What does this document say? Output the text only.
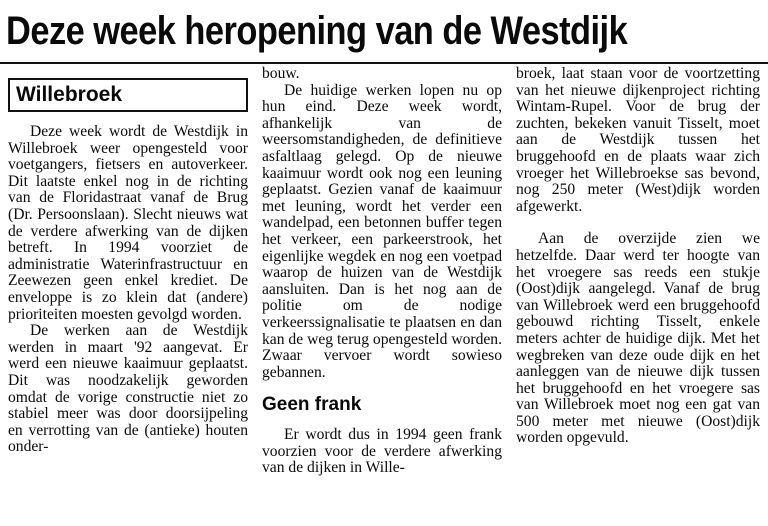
Deze week heropening van de Westdijk
Willebroek

Deze week wordt de Westdijk in Willebroek weer opengesteld voor voetgangers, fietsers en autoverkeer. Dit laatste enkel nog in de richting van de Floridastraat vanaf de Brug (Dr. Persoonslaan). Slecht nieuws wat de verdere afwerking van de dijken betreft. In 1994 voorziet de administratie Waterinfrastructuur en Zeewezen geen enkel krediet. De enveloppe is zo klein dat (andere) prioriteiten moesten gevolgd worden.

De werken aan de Westdijk werden in maart '92 aangevat. Er werd een nieuwe kaaimuur geplaatst. Dit was noodzakelijk geworden omdat de vorige constructie niet zo stabiel meer was door doorsijpeling en verrotting van de (antieke) houten onder-

bouw.

De huidige werken lopen nu op hun eind. Deze week wordt, afhankelijk van de weersomstandigheden, de definitieve asfaltlaag gelegd. Op de nieuwe kaaimuur wordt ook nog een leuning geplaatst. Gezien vanaf de kaaimuur met leuning, wordt het verder een wandelpad, een betonnen buffer tegen het verkeer, een parkeerstrook, het eigenlijke wegdek en nog een voetpad waarop de huizen van de Westdijk aansluiten. Dan is het nog aan de politie om de nodige verkeerssignalisatie te plaatsen en dan kan de weg terug opengesteld worden. Zwaar vervoer wordt sowieso gebannen.

Geen frank

Er wordt dus in 1994 geen frank voorzien voor de verdere afwerking van de dijken in Wille-

broek, laat staan voor de voortzetting van het nieuwe dijkenproject richting Wintam-Rupel. Voor de brug der zuchten, bekeken vanuit Tisselt, moet aan de Westdijk tussen het bruggehoofd en de plaats waar zich vroeger het Willebroekse sas bevond, nog 250 meter (West)dijk worden afgewerkt.

Aan de overzijde zien we hetzelfde. Daar werd ter hoogte van het vroegere sas reeds een stukje (Oost)dijk aangelegd. Vanaf de brug van Willebroek werd een bruggehoofd gebouwd richting Tisselt, enkele meters achter de huidige dijk. Met het wegbreken van deze oude dijk en het aanleggen van de nieuwe dijk tussen het bruggehoofd en het vroegere sas van Willebroek moet nog een gat van 500 meter met nieuwe (Oost)dijk worden opgevuld.
